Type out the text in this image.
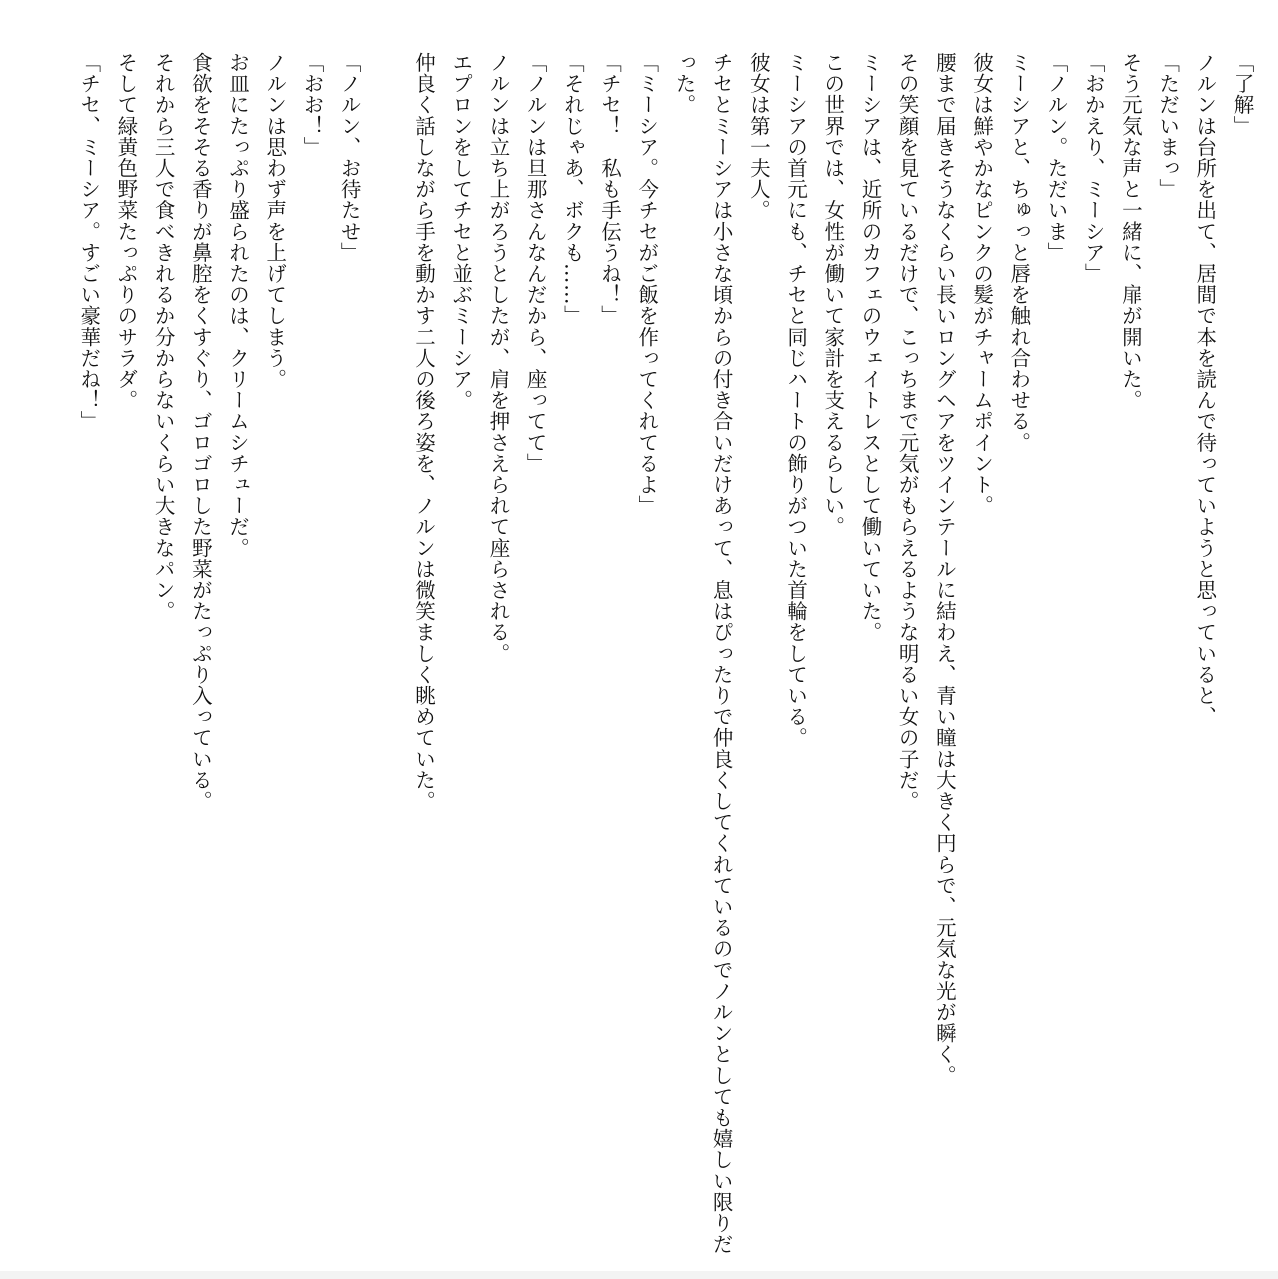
「了解」
ノルンは台所を出て、居間で本を読んで待っていようと思っていると、
「ただいまっ」
そう元気な声と一緒に、扉が開いた。
「おかえり、ミーシア」
「ノルン。ただいま」
ミーシアと、ちゅっと唇を触れ合わせる。
彼女は鮮やかなピンクの髪がチャームポイント。
腰まで届きそうなくらい長いロングヘアをツインテールに結わえ、青い瞳は大きく円らで、元気な光が瞬く。
その笑顔を見ているだけで、こっちまで元気がもらえるような明るい女の子だ。
ミーシアは、近所のカフェのウェイトレスとして働いていた。
この世界では、女性が働いて家計を支えるらしい。
ミーシアの首元にも、チセと同じハートの飾りがついた首輪をしている。
彼女は第一夫人。
チセとミーシアは小さな頃からの付き合いだけあって、息はぴったりで仲良くしてくれているのでノルンとしても嬉しい限りだった。
「ミーシア。今チセがご飯を作ってくれてるよ」
「チセ！　私も手伝うね！」
「それじゃあ、ボクも……」
「ノルンは旦那さんなんだから、座ってて」
ノルンは立ち上がろうとしたが、肩を押さえられて座らされる。
エプロンをしてチセと並ぶミーシア。
仲良く話しながら手を動かす二人の後ろ姿を、ノルンは微笑ましく眺めていた。
「ノルン、お待たせ」
「おお！」
ノルンは思わず声を上げてしまう。
お皿にたっぷり盛られたのは、クリームシチューだ。
食欲をそそる香りが鼻腔をくすぐり、ゴロゴロした野菜がたっぷり入っている。
それから三人で食べきれるか分からないくらい大きなパン。
そして緑黄色野菜たっぷりのサラダ。
「チセ、ミーシア。すごい豪華だね！」
